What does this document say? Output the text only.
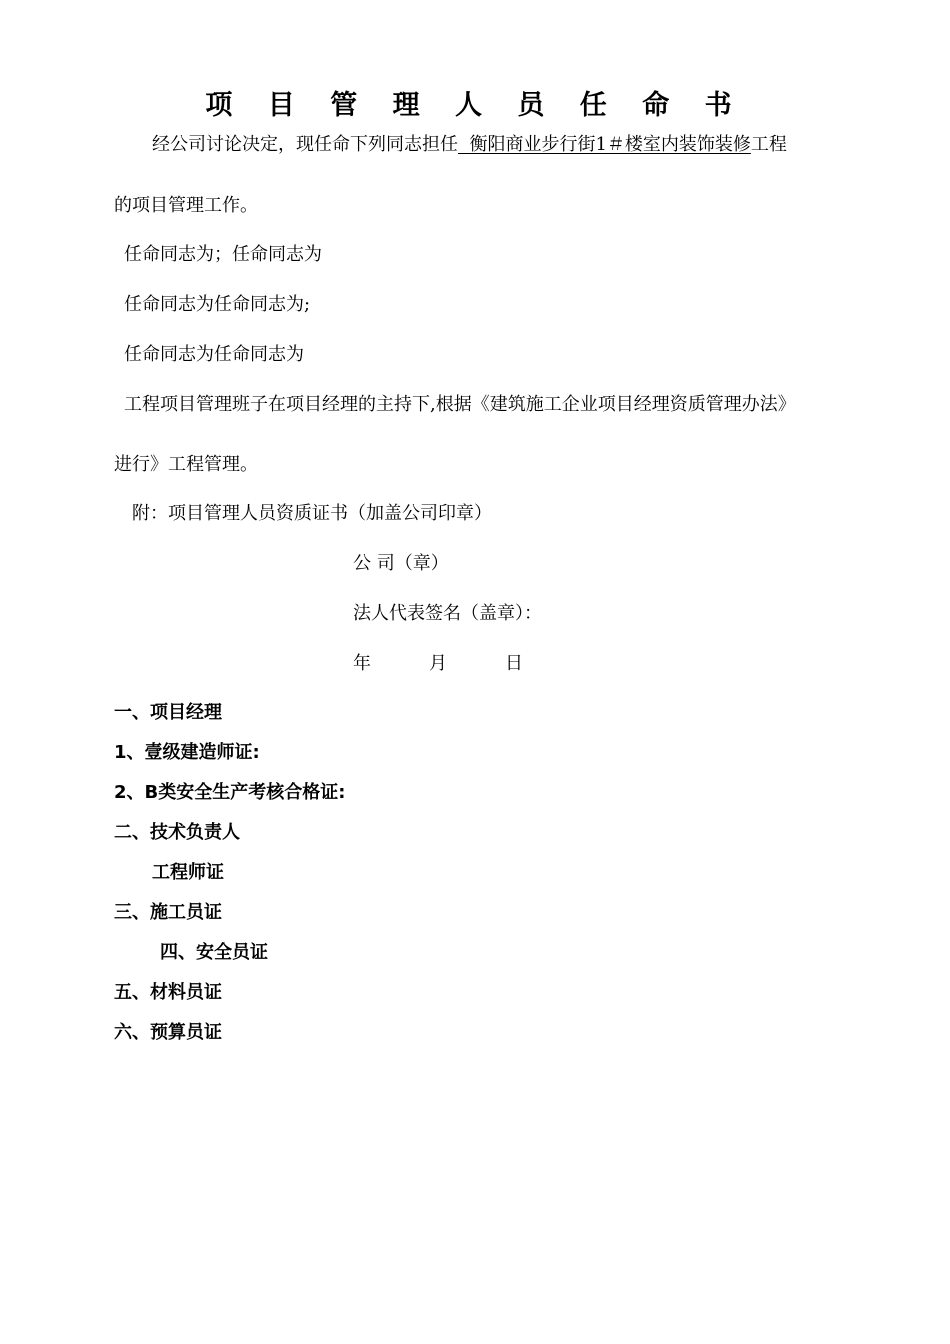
项 目 管 理 人 员 任 命 书
经公司讨论决定，现任命下列同志担任  衡阳商业步行街1＃楼室内装饰装修工程
的项目管理工作。
任命同志为；任命同志为
任命同志为任命同志为;
任命同志为任命同志为
工程项目管理班子在项目经理的主持下,根据《建筑施工企业项目经理资质管理办法》
进行》工程管理。
附：项目管理人员资质证书（加盖公司印章）
公 司（章）
法人代表签名（盖章）：
年	月	日
一、项目经理
1、壹级建造师证:
2、B类安全生产考核合格证:
二、技术负责人
工程师证
三、施工员证
四、安全员证
五、材料员证
六、预算员证
